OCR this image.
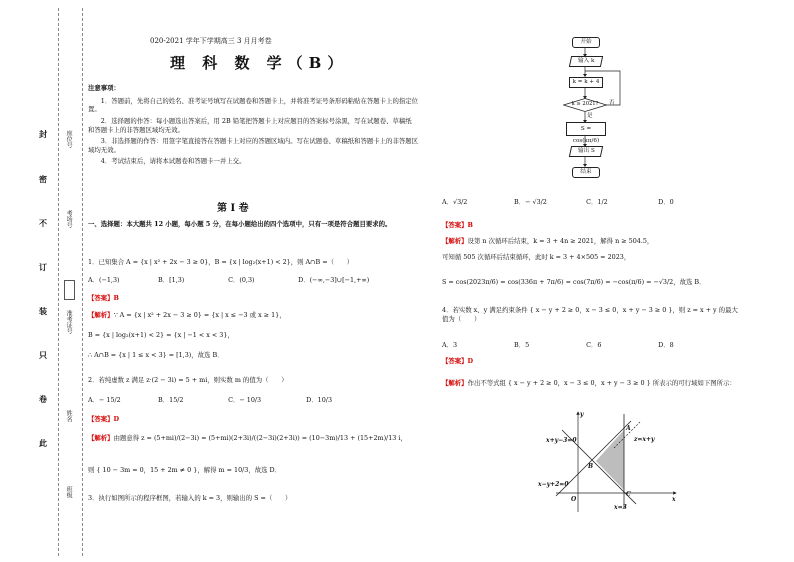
封
密
不
订
装
只
卷
此
座位号
考场号
准考证号
姓名
班级
020-2021 学年下学期高三 3 月月考卷
理 科 数 学（B）
注意事项：
1．答题前，先将自己的姓名、准考证号填写在试题卷和答题卡上，并将准考证号条形码粘贴在答题卡上的指定位置。
2．选择题的作答：每小题选出答案后，用 2B 铅笔把答题卡上对应题目的答案标号涂黑，写在试题卷、草稿纸和答题卡上的非答题区域均无效。
3．非选择题的作答：用签字笔直接答在答题卡上对应的答题区域内。写在试题卷、草稿纸和答题卡上的非答题区域均无效。
4．考试结束后，请将本试题卷和答题卡一并上交。
第 I 卷
一、选择题：本大题共 12 小题，每小题 5 分，在每小题给出的四个选项中，只有一项是符合题目要求的。
1．已知集合 A = {x | x² + 2x − 3 ≥ 0}，B = {x | log₂(x+1) < 2}，则 A∩B =（　　）
A．(−1,3)	B．[1,3)	C．(0,3)	D．(−∞,−3]∪[−1,+∞)
【答案】B
【解析】∵ A = {x | x² + 2x − 3 ≥ 0} = {x | x ≤ −3 或 x ≥ 1}，
B = {x | log₂(x+1) < 2} = {x | −1 < x < 3}，
∴ A∩B = {x | 1 ≤ x < 3} = [1,3)，故选 B．
2．若纯虚数 z 满足 z·(2 − 3i) = 5 + mi，则实数 m 的值为（　　）
A．− 15/2	B．15/2	C．− 10/3	D．10/3
【答案】D
【解析】由题意得 z = (5+mi)/(2−3i) = (5+mi)(2+3i)/((2−3i)(2+3i)) = (10−3m)/13 + (15+2m)/13 i，
则 { 10 − 3m = 0，15 + 2m ≠ 0 }，解得 m = 10/3，故选 D．
3．执行如图所示的程序框图，若输入的 k = 3，则输出的 S =（　　）
开始
输入 k
k = k + 4
k ≥ 2021? 否
是
S = cos(kπ/6)
输出 S
结束
A．√3/2	B．− √3/2	C．1/2	D．0
【答案】B
【解析】设第 n 次循环后结束，k = 3 + 4n ≥ 2021，解得 n ≥ 504.5，
可知循 505 次循环后结束循环，此时 k = 3 + 4×505 = 2023，
S = cos(2023π/6) = cos(336π + 7π/6) = cos(7π/6) = −cos(π/6) = −√3/2，故选 B．
4．若实数 x、y 满足约束条件 { x − y + 2 ≥ 0，x − 3 ≤ 0，x + y − 3 ≥ 0 }，则 z = x + y 的最大值为（　　）
A．3	B．5	C．6	D．8
【答案】D
【解析】作出不等式组 { x − y + 2 ≥ 0，x − 3 ≤ 0，x + y − 3 ≥ 0 } 所表示的可行域如下图所示：
y
x
O
A
B
C
x+y−3=0
x−y+2=0
x=3
z=x+y
